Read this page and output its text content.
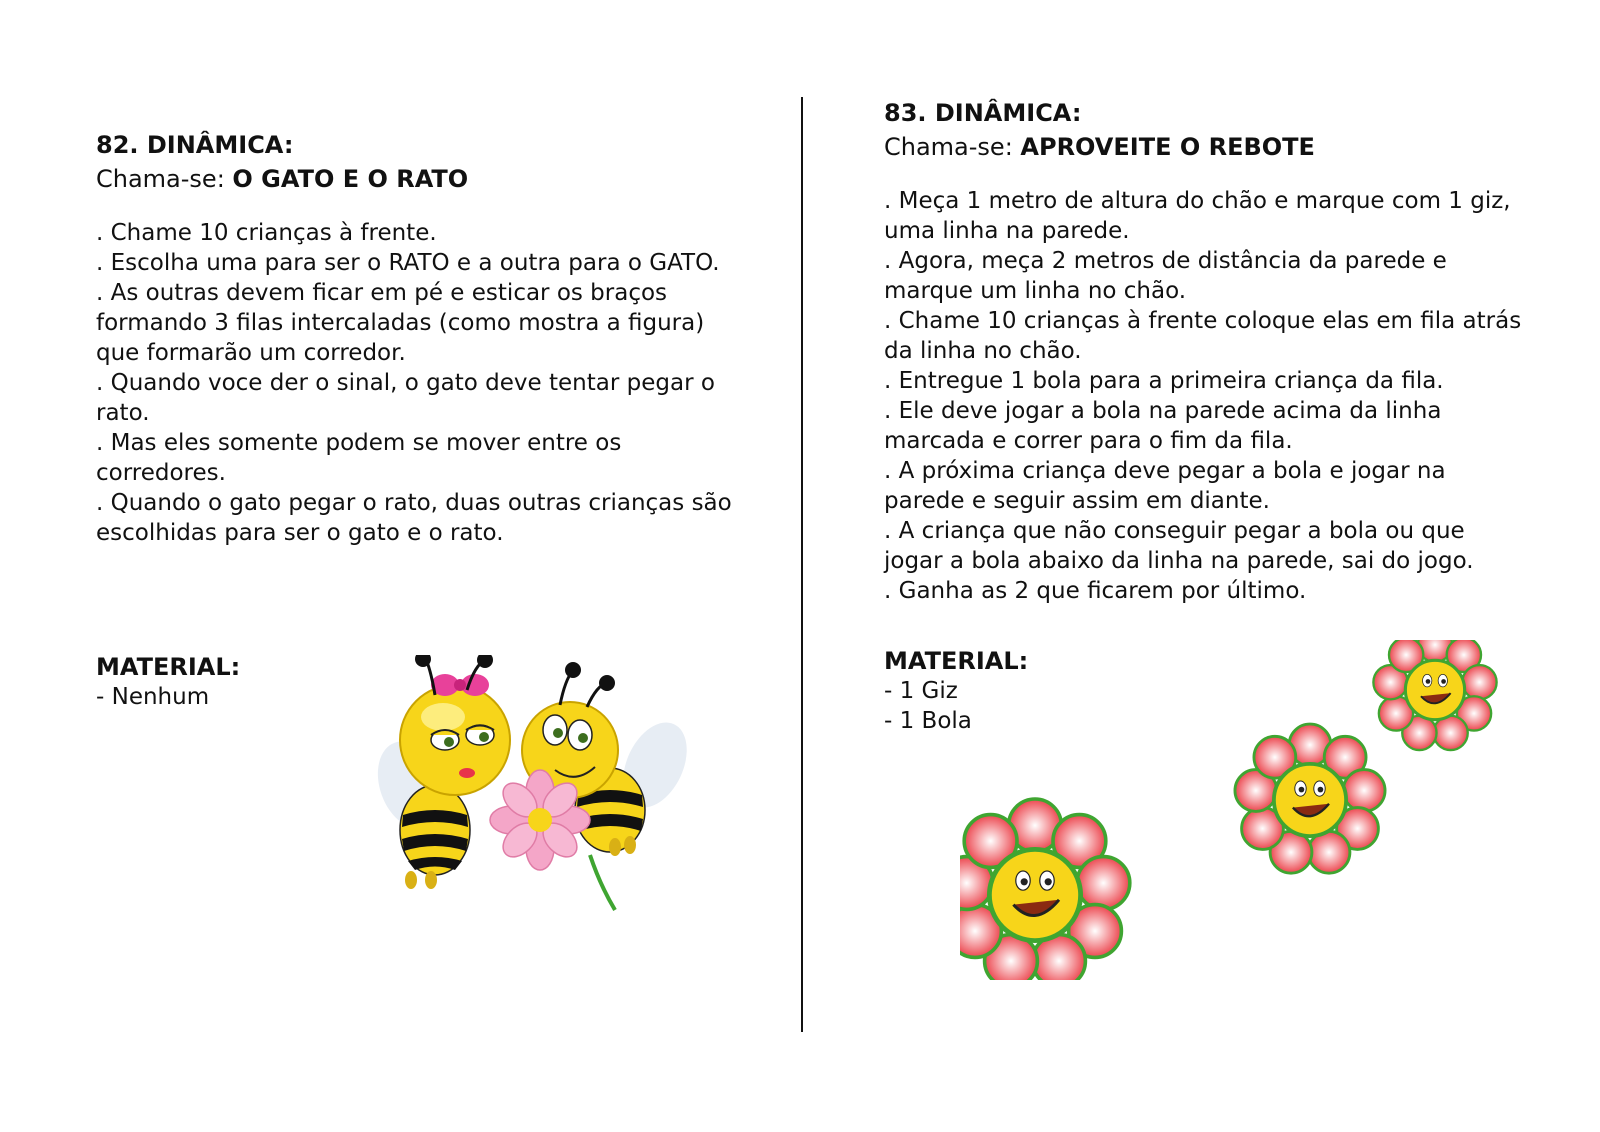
82. DINÂMICA:

Chama-se: O GATO E O RATO

. Chame 10 crianças à frente.
. Escolha uma para ser o RATO e a outra para o GATO.
. As outras devem ficar em pé e esticar os braços formando 3 filas intercaladas (como mostra a figura) que formarão um corredor.
. Quando voce der o sinal, o gato deve tentar pegar o rato.
. Mas eles somente podem se mover entre os corredores.
. Quando o gato pegar o rato, duas outras crianças são escolhidas para ser o gato e o rato.
MATERIAL:
- Nenhum
83. DINÂMICA:

Chama-se: APROVEITE O REBOTE

. Meça 1 metro de altura do chão e marque com 1 giz, uma linha na parede.
. Agora, meça 2 metros de distância da parede e marque um linha no chão.
. Chame 10 crianças à frente coloque elas em fila atrás da linha no chão.
. Entregue 1 bola para a primeira criança da fila.
. Ele deve jogar a bola na parede acima da linha marcada e correr para o fim da fila.
. A próxima criança deve pegar a bola e jogar na parede e seguir assim em diante.
. A criança que não conseguir pegar a bola ou que jogar a bola abaixo da linha na parede, sai do jogo.
. Ganha as 2 que ficarem por último.
MATERIAL:
- 1 Giz
- 1 Bola
